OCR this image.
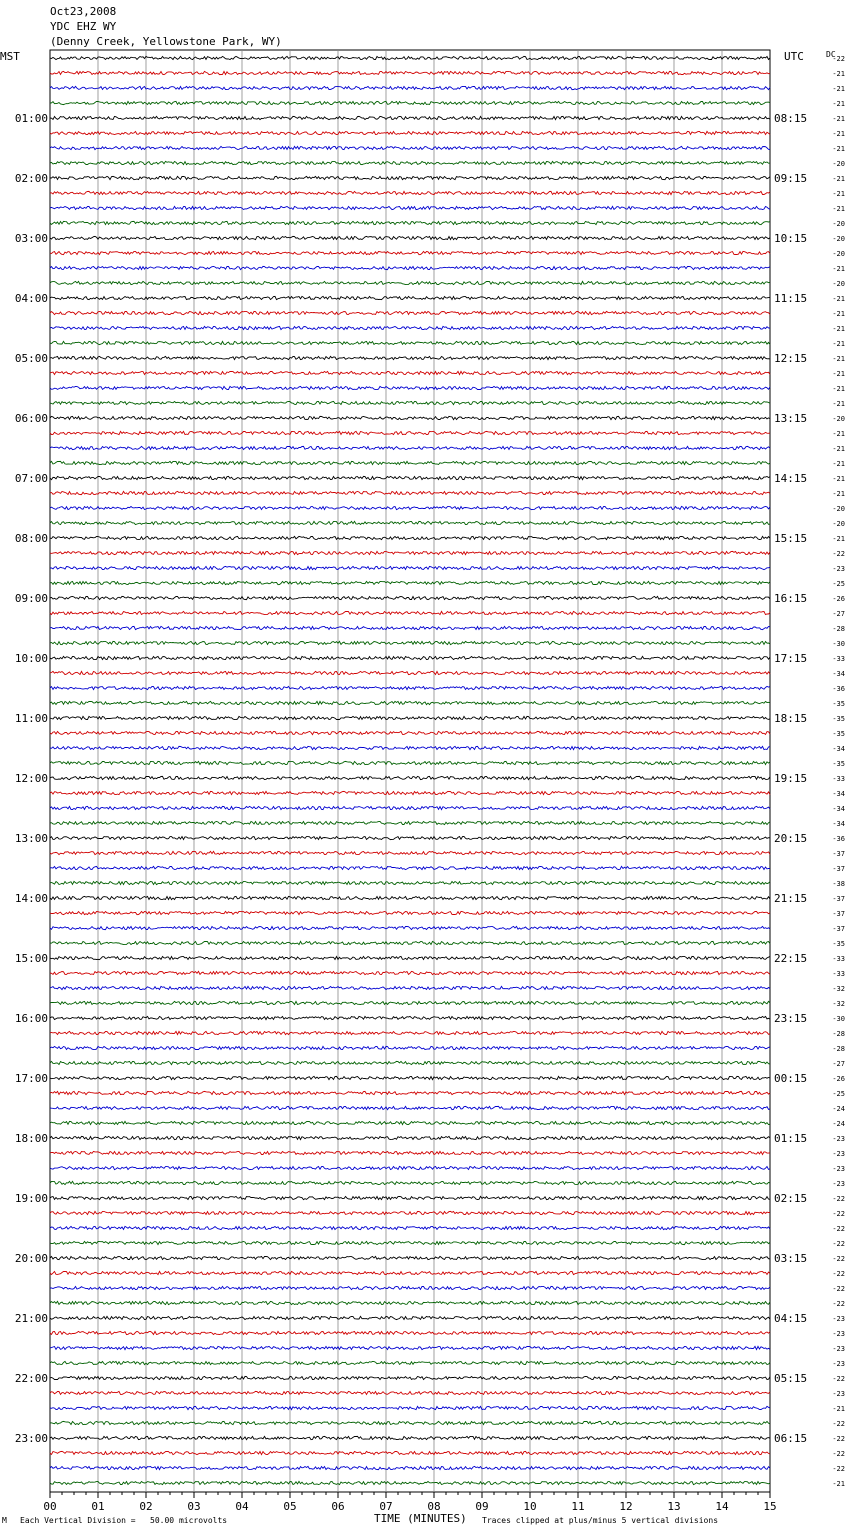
Oct23,2008
YDC EHZ WY
(Denny Creek, Yellowstone Park, WY)
MST	UTC	DC
00	01	02	03	04	05	06	07	08	09	10	11	12	13	14	15
-22
-21
-21
-21
-21
-21
-21
-20
-21
-21
-21
-20
-20
-20
-21
-20
-21
-21
-21
-21
-21
-21
-21
-21
-20
-21
-21
-21
-21
-21
-20
-20
-21
-22
-23
-25
-26
-27
-28
-30
-33
-34
-36
-35
-35
-35
-34
-35
-33
-34
-34
-34
-36
-37
-37
-38
-37
-37
-37
-35
-33
-33
-32
-32
-30
-28
-28
-27
-26
-25
-24
-24
-23
-23
-23
-23
-22
-22
-22
-22
-22
-22
-22
-22
-23
-23
-23
-23
-22
-23
-21
-22
-22
-22
-22
-21
01:00
02:00
03:00
04:00
05:00
06:00
07:00
08:00
09:00
10:00
11:00
12:00
13:00
14:00
15:00
16:00
17:00
18:00
19:00
20:00
21:00
22:00
23:00
08:15
09:15
10:15
11:15
12:15
13:15
14:15
15:15
16:15
17:15
18:15
19:15
20:15
21:15
22:15
23:15
00:15
01:15
02:15
03:15
04:15
05:15
06:15
TIME (MINUTES)
M Each Vertical Division =   50.00 microvolts	Traces clipped at plus/minus 5 vertical divisions
